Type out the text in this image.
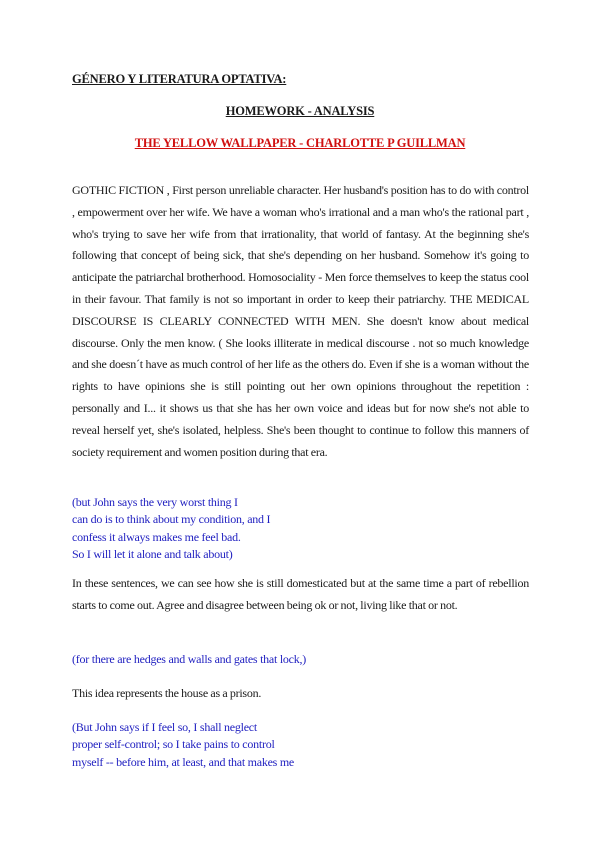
GÉNERO Y LITERATURA OPTATIVA:
HOMEWORK - ANALYSIS
THE YELLOW WALLPAPER - CHARLOTTE P GUILLMAN
GOTHIC FICTION , First person unreliable character. Her husband's position has to do with control , empowerment over her wife. We have a woman who's irrational and a man who's the rational part , who's trying to save her wife from that irrationality, that world of fantasy. At the beginning she's following that concept of being sick, that she's depending on her husband. Somehow it's going to anticipate the patriarchal brotherhood. Homosociality - Men force themselves to keep the status cool in their favour. That family is not so important in order to keep their patriarchy. THE MEDICAL DISCOURSE IS CLEARLY CONNECTED WITH MEN. She doesn't know about medical discourse. Only the men know. ( She looks illiterate in medical discourse . not so much knowledge and she doesn´t have as much control of her life as the others do. Even if she is a woman without the rights to have opinions she is still pointing out her own opinions throughout the repetition : personally and I... it shows us that she has her own voice and ideas but for now she's not able to reveal herself yet, she's isolated, helpless. She's been thought to continue to follow this manners of society requirement and women position during that era.
(but John says the very worst thing I
can do is to think about my condition, and I
confess it always makes me feel bad.
So I will let it alone and talk about)
In these sentences, we can see how she is still domesticated but at the same time a part of rebellion starts to come out. Agree and disagree between being ok or not, living like that or not.
(for there are hedges and walls and gates that lock,)
This idea represents the house as a prison.
(But John says if I feel so, I shall neglect
proper self-control; so I take pains to control
myself -- before him, at least, and that makes me
